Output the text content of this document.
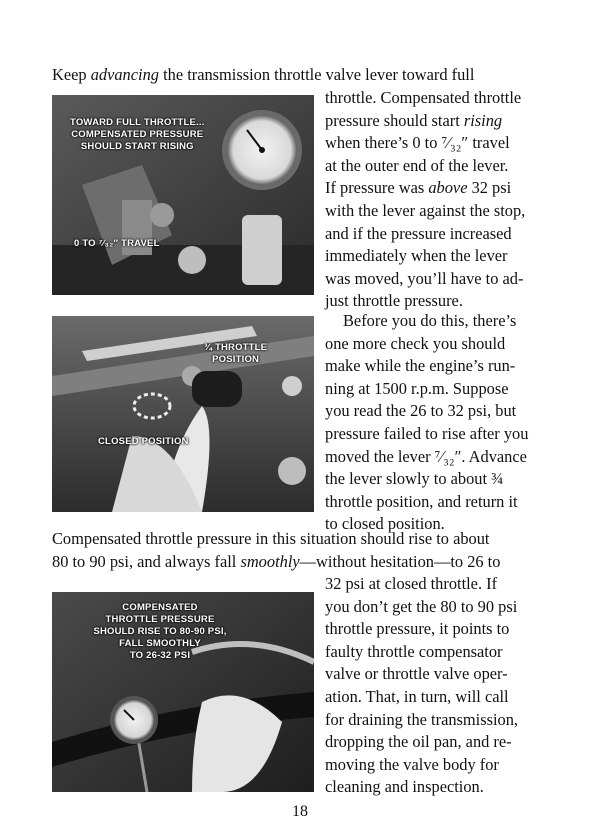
Keep advancing the transmission throttle valve lever toward full

throttle. Compensated throttle
pressure should start rising
when there’s 0 to ⁷⁄₃₂″ travel
at the outer end of the lever.
If pressure was above 32 psi
with the lever against the stop,
and if the pressure increased
immediately when the lever
was moved, you’ll have to ad-
just throttle pressure.
TOWARD FULL THROTTLE...
COMPENSATED PRESSURE
SHOULD START RISING
0 TO ⁷⁄₃₂″ TRAVEL
Before you do this, there’s
one more check you should
make while the engine’s run-
ning at 1500 r.p.m. Suppose
you read the 26 to 32 psi, but
pressure failed to rise after you
moved the lever ⁷⁄₃₂″. Advance
the lever slowly to about ¾
throttle position, and return it
to closed position.
¾ THROTTLE
POSITION
CLOSED POSITION
Compensated throttle pressure in this situation should rise to about
80 to 90 psi, and always fall smoothly—without hesitation—to 26 to
32 psi at closed throttle. If
you don’t get the 80 to 90 psi
throttle pressure, it points to
faulty throttle compensator
valve or throttle valve oper-
ation. That, in turn, will call
for draining the transmission,
dropping the oil pan, and re-
moving the valve body for
cleaning and inspection.
COMPENSATED
THROTTLE PRESSURE
SHOULD RISE TO 80-90 PSI,
FALL SMOOTHLY
TO 26-32 PSI
18
